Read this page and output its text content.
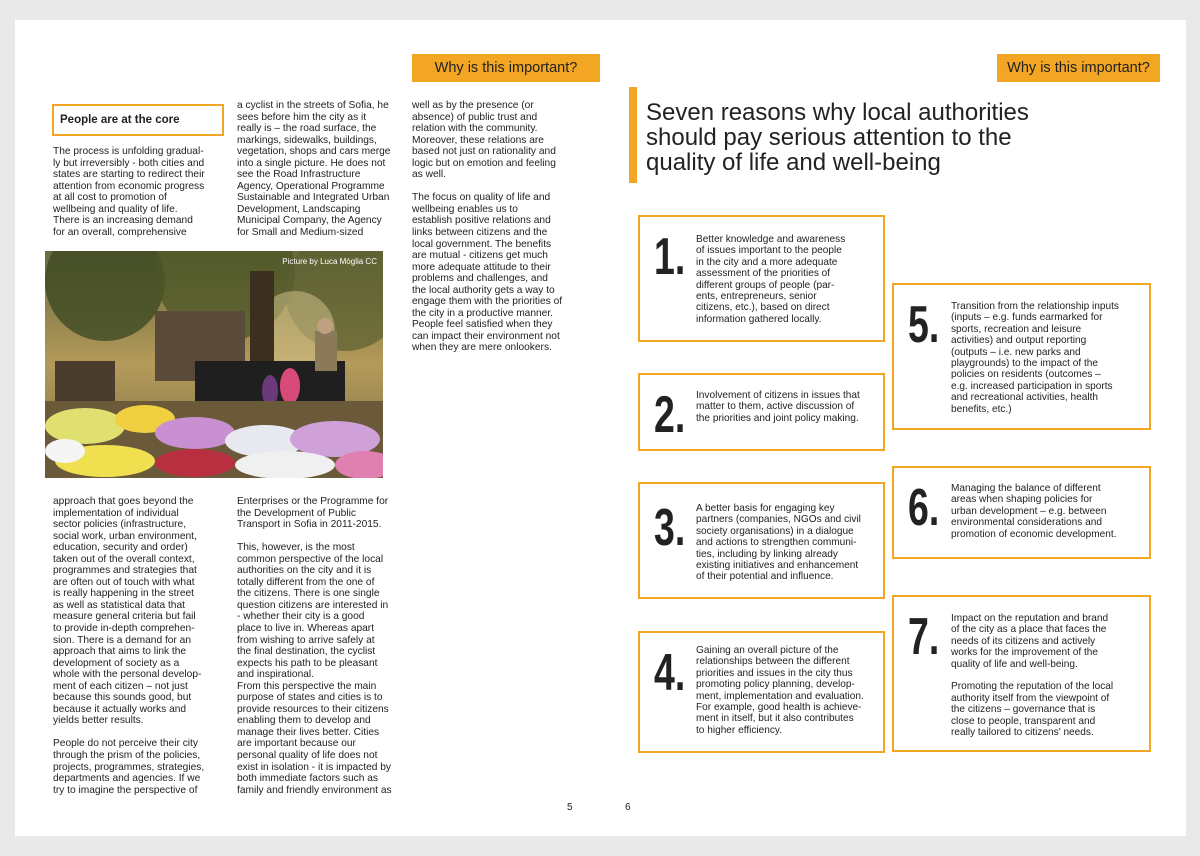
Why is this important?
People are at the core
The process is unfolding gradual-
ly but irreversibly - both cities and
states are starting to redirect their
attention from economic progress
at all cost to promotion of
wellbeing and quality of life.
There is an increasing demand
for an overall, comprehensive
a cyclist in the streets of Sofia, he
sees before him the city as it
really is – the road surface, the
markings, sidewalks, buildings,
vegetation, shops and cars merge
into a single picture. He does not
see the Road Infrastructure
Agency, Operational Programme
Sustainable and Integrated Urban
Development, Landscaping
Municipal Company, the Agency
for Small and Medium-sized
well as by the presence (or
absence) of public trust and
relation with the community.
Moreover, these relations are
based not just on rationality and
logic but on emotion and feeling
as well.

The focus on quality of life and
wellbeing enables us to
establish positive relations and
links between citizens and the
local government. The benefits
are mutual - citizens get much
more adequate attitude to their
problems and challenges, and
the local authority gets a way to
engage them with the priorities of
the city in a productive manner.
People feel satisfied when they
can impact their environment not
when they are mere onlookers.
Picture by Luca Mòglia CC
approach that goes beyond the
implementation of individual
sector policies (infrastructure,
social work, urban environment,
education, security and order)
taken out of the overall context,
programmes and strategies that
are often out of touch with what
is really happening in the street
as well as statistical data that
measure general criteria but fail
to provide in-depth comprehen-
sion. There is a demand for an
approach that aims to link the
development of society as a
whole with the personal develop-
ment of each citizen – not just
because this sounds good, but
because it actually works and
yields better results.

People do not perceive their city
through the prism of the policies,
projects, programmes, strategies,
departments and agencies. If we
try to imagine the perspective of
Enterprises or the Programme for
the Development of Public
Transport in Sofia in 2011-2015.

This, however, is the most
common perspective of the local
authorities on the city and it is
totally different from the one of
the citizens. There is one single
question citizens are interested in
- whether their city is a good
place to live in. Whereas apart
from wishing to arrive safely at
the final destination, the cyclist
expects his path to be pleasant
and inspirational.
From this perspective the main
purpose of states and cities is to
provide resources to their citizens
enabling them to develop and
manage their lives better. Cities
are important because our
personal quality of life does not
exist in isolation - it is impacted by
both immediate factors such as
family and friendly environment as
5
Why is this important?
Seven reasons why local authorities
should pay serious attention to the
quality of life and well-being
1. Better knowledge and awareness
of issues important to the people
in the city and a more adequate
assessment of the priorities of
different groups of people (par-
ents, entrepreneurs, senior
citizens, etc.), based on direct
information gathered locally.
2. Involvement of citizens in issues that
matter to them, active discussion of
the priorities and joint policy making.
3. A better basis for engaging key
partners (companies, NGOs and civil
society organisations) in a dialogue
and actions to strengthen communi-
ties, including by linking already
existing initiatives and enhancement
of their potential and influence.
4. Gaining an overall picture of the
relationships between the different
priorities and issues in the city thus
promoting policy planning, develop-
ment, implementation and evaluation.
For example, good health is achieve-
ment in itself, but it also contributes
to higher efficiency.
5. Transition from the relationship inputs
(inputs – e.g. funds earmarked for
sports, recreation and leisure
activities) and output reporting
(outputs – i.e. new parks and
playgrounds) to the impact of the
policies on residents (outcomes –
e.g. increased participation in sports
and recreational activities, health
benefits, etc.)
6. Managing the balance of different
areas when shaping policies for
urban development – e.g. between
environmental considerations and
promotion of economic development.
7. Impact on the reputation and brand
of the city as a place that faces the
needs of its citizens and actively
works for the improvement of the
quality of life and well-being.

Promoting the reputation of the local
authority itself from the viewpoint of
the citizens – governance that is
close to people, transparent and
really tailored to citizens' needs.
6
